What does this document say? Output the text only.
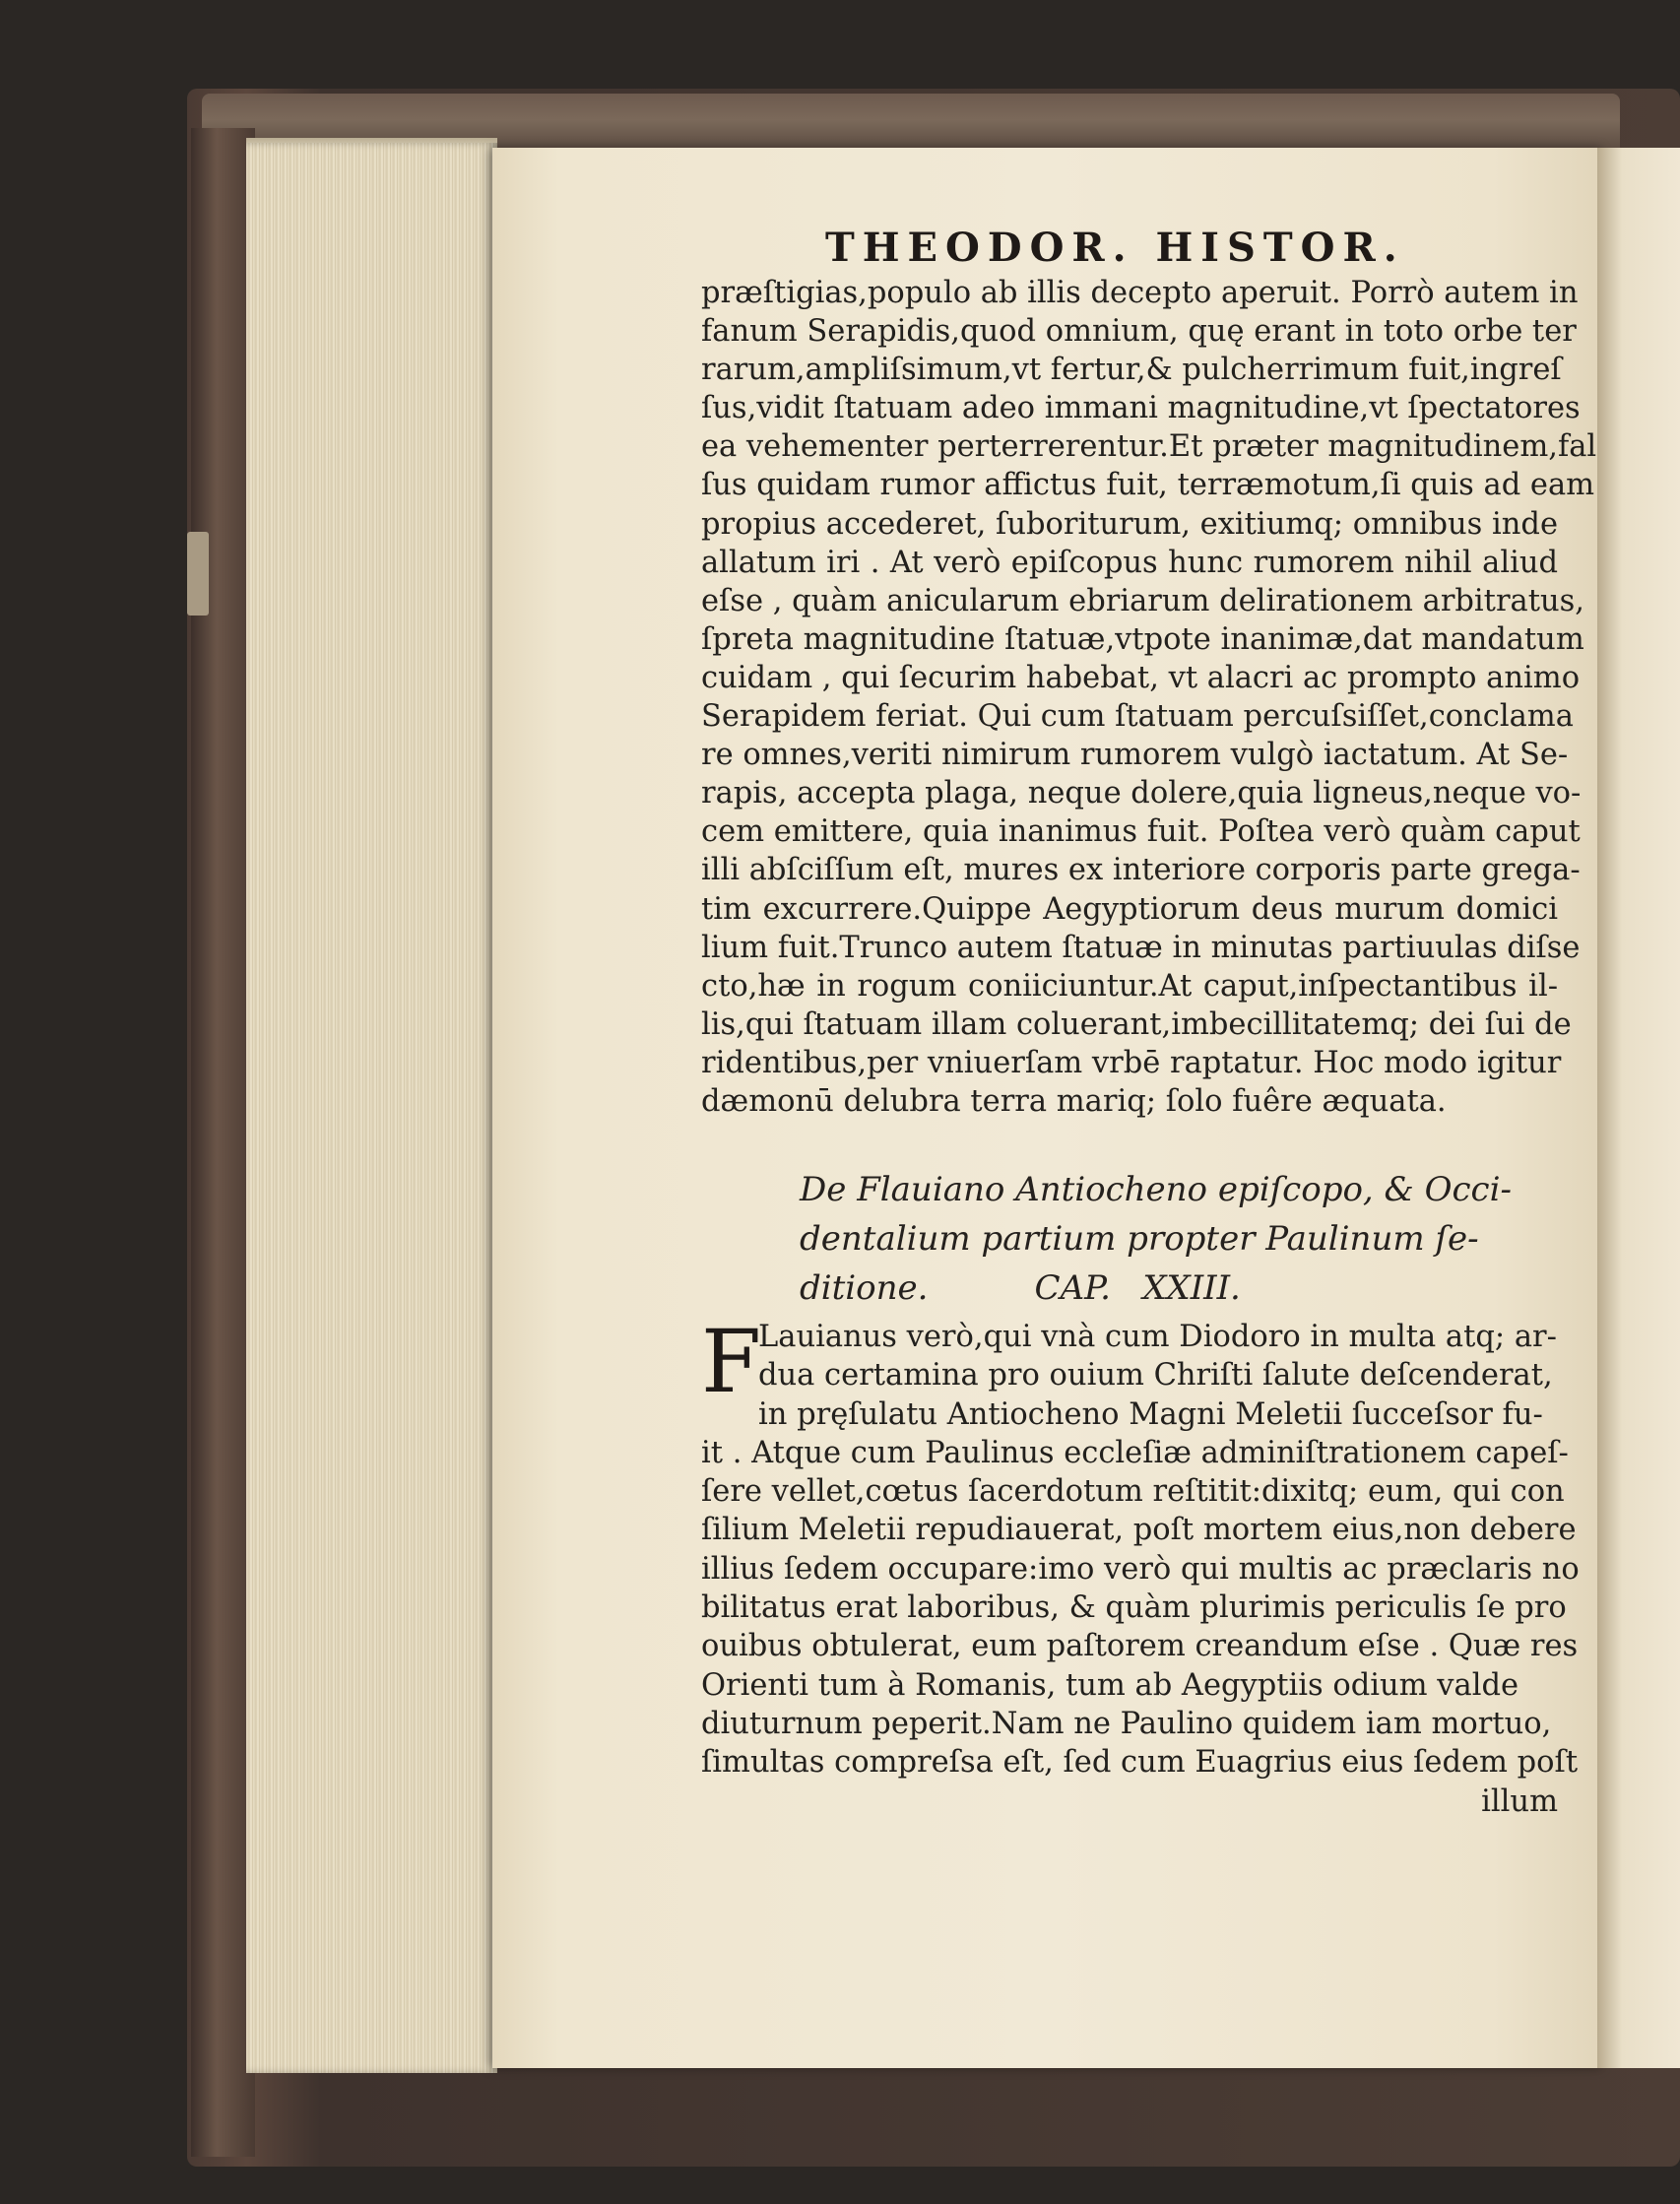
THEODOR. HISTOR.
præſtigias,populo ab illis decepto aperuit. Porrò autem in
fanum Serapidis,quod omnium, quę erant in toto orbe ter
rarum,ampliſsimum,vt fertur,& pulcherrimum fuit,ingreſ
ſus,vidit ſtatuam adeo immani magnitudine,vt ſpectatores
ea vehementer perterrerentur.Et præter magnitudinem,fal
ſus quidam rumor affictus fuit, terræmotum,ſi quis ad eam
propius accederet, ſuboriturum, exitiumq; omnibus inde
allatum iri . At verò epiſcopus hunc rumorem nihil aliud
eſse , quàm anicularum ebriarum delirationem arbitratus,
ſpreta magnitudine ſtatuæ,vtpote inanimæ,dat mandatum
cuidam , qui ſecurim habebat, vt alacri ac prompto animo
Serapidem feriat. Qui cum ſtatuam percuſsiſſet,conclama
re omnes,veriti nimirum rumorem vulgò iactatum. At Se-
rapis, accepta plaga, neque dolere,quia ligneus,neque vo-
cem emittere, quia inanimus fuit. Poſtea verò quàm caput
illi abſciſſum eſt, mures ex interiore corporis parte grega-
tim excurrere.Quippe Aegyptiorum deus murum domici
lium fuit.Trunco autem ſtatuæ in minutas partiuulas diſse
cto,hæ in rogum coniiciuntur.At caput,inſpectantibus il-
lis,qui ſtatuam illam coluerant,imbecillitatemq; dei ſui de
ridentibus,per vniuerſam vrbē raptatur. Hoc modo igitur
dæmonū delubra terra mariq; ſolo fuêre æquata.
De Flauiano Antiocheno epiſcopo, & Occi-
dentalium partium propter Paulinum ſe-
ditione.          CAP.   XXIII.
F
Lauianus verò,qui vnà cum Diodoro in multa atq; ar-
dua certamina pro ouium Chriſti ſalute deſcenderat,
in pręſulatu Antiocheno Magni Meletii ſucceſsor fu-
it . Atque cum Paulinus eccleſiæ adminiſtrationem capeſ-
ſere vellet,cœtus ſacerdotum reſtitit:dixitq; eum, qui con
ſilium Meletii repudiauerat, poſt mortem eius,non debere
illius ſedem occupare:imo verò qui multis ac præclaris no
bilitatus erat laboribus, & quàm plurimis periculis ſe pro
ouibus obtulerat, eum paſtorem creandum eſse . Quæ res
Orienti tum à Romanis, tum ab Aegyptiis odium valde
diuturnum peperit.Nam ne Paulino quidem iam mortuo,
ſimultas compreſsa eſt, ſed cum Euagrius eius ſedem poſt
illum
